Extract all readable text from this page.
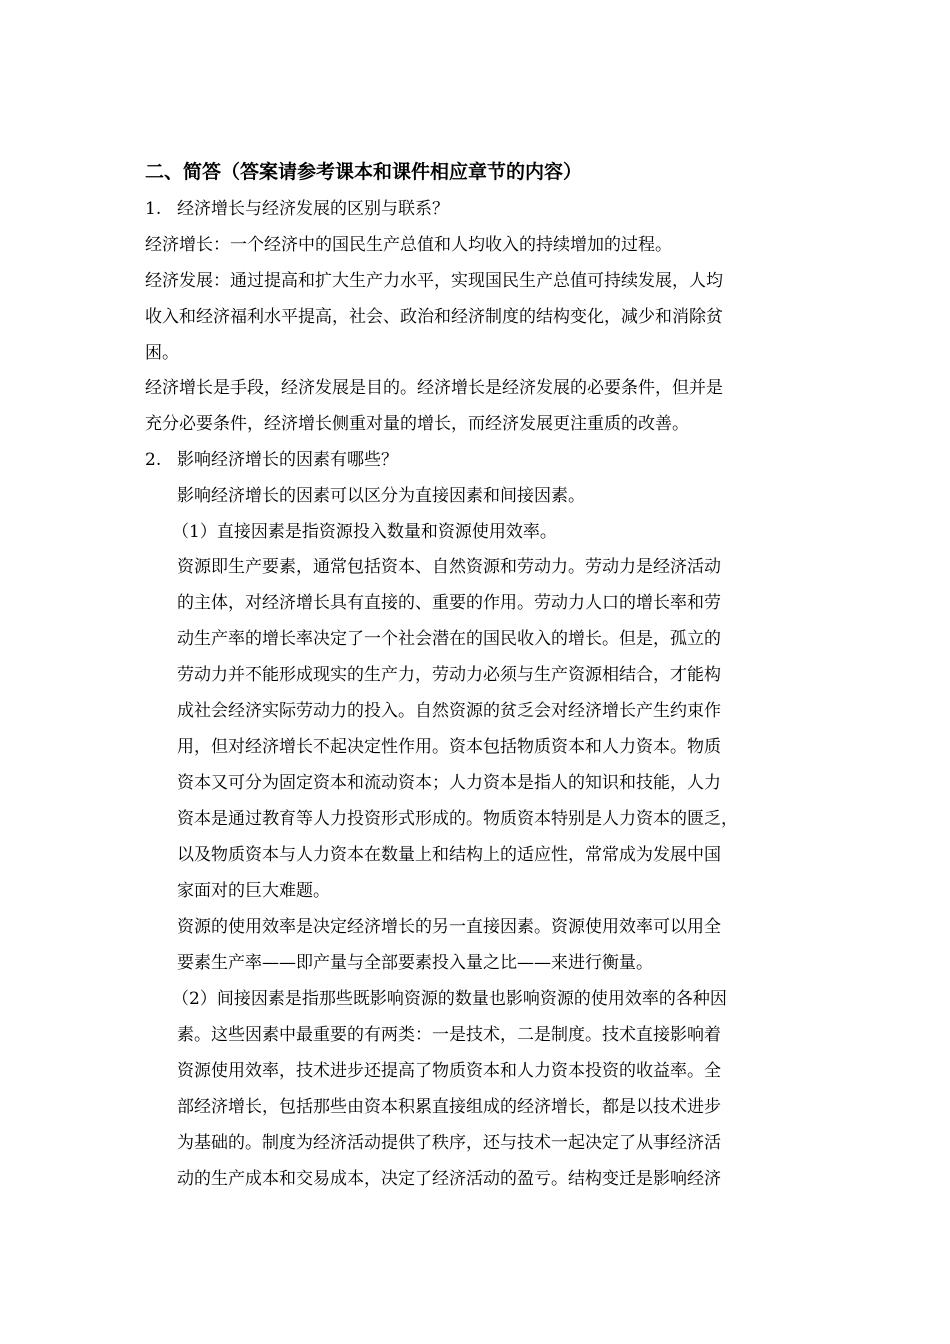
二、简答（答案请参考课本和课件相应章节的内容）
1. 经济增长与经济发展的区别与联系？

经济增长：一个经济中的国民生产总值和人均收入的持续增加的过程。

经济发展：通过提高和扩大生产力水平，实现国民生产总值可持续发展，人均

收入和经济福利水平提高，社会、政治和经济制度的结构变化，减少和消除贫

困。

经济增长是手段，经济发展是目的。经济增长是经济发展的必要条件，但并是

充分必要条件，经济增长侧重对量的增长，而经济发展更注重质的改善。

2. 影响经济增长的因素有哪些？

影响经济增长的因素可以区分为直接因素和间接因素。

（1）直接因素是指资源投入数量和资源使用效率。

资源即生产要素，通常包括资本、自然资源和劳动力。劳动力是经济活动

的主体，对经济增长具有直接的、重要的作用。劳动力人口的增长率和劳

动生产率的增长率决定了一个社会潜在的国民收入的增长。但是，孤立的

劳动力并不能形成现实的生产力，劳动力必须与生产资源相结合，才能构

成社会经济实际劳动力的投入。自然资源的贫乏会对经济增长产生约束作

用，但对经济增长不起决定性作用。资本包括物质资本和人力资本。物质

资本又可分为固定资本和流动资本；人力资本是指人的知识和技能，人力

资本是通过教育等人力投资形式形成的。物质资本特别是人力资本的匮乏，

以及物质资本与人力资本在数量上和结构上的适应性，常常成为发展中国

家面对的巨大难题。

资源的使用效率是决定经济增长的另一直接因素。资源使用效率可以用全

要素生产率——即产量与全部要素投入量之比——来进行衡量。

（2）间接因素是指那些既影响资源的数量也影响资源的使用效率的各种因

素。这些因素中最重要的有两类：一是技术，二是制度。技术直接影响着

资源使用效率，技术进步还提高了物质资本和人力资本投资的收益率。全

部经济增长，包括那些由资本积累直接组成的经济增长，都是以技术进步

为基础的。制度为经济活动提供了秩序，还与技术一起决定了从事经济活

动的生产成本和交易成本，决定了经济活动的盈亏。结构变迁是影响经济
